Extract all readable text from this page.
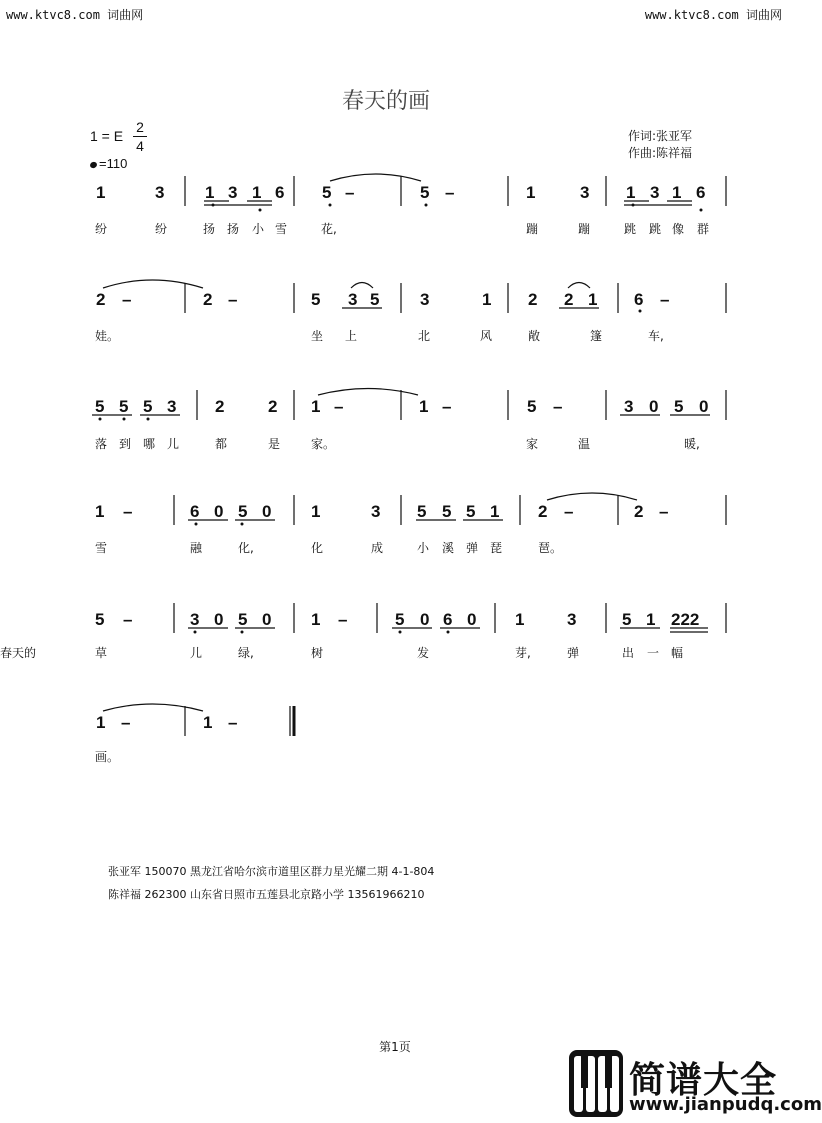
www.ktvc8.com 词曲网	www.ktvc8.com 词曲网
春天的画
1 = E $\frac{2}{4}$
=110
作词:张亚军
作曲:陈祥福
1	3 1 3 1 6 5 –	5 –	1	3 1 3 1 6
纷	纷	扬 扬 小 雪	花,	蹦	蹦	跳 跳 像 群
2 –	2 –	5 3 5 3	1 2 2 1 6 –
娃。	坐 上	北	风	敞	篷	车,
5 5 5 3 2	2 1 –	1 –	5 –	3 0 5 0
落 到 哪 儿	都	是	家。	家	温	暖,
1 –	6 0 5 0 1	3 5 5 5 1 2 –	2 –
雪	融	化,	化	成	小 溪 弹 琵	琶。
5 –	3 0 5 0 1 –	5 0 6 0 1	3	5 1 222
草	儿	绿,	树	发	芽,	弹	出 一 幅
春天的
1 –	1 –
画。
张亚军 150070 黑龙江省哈尔滨市道里区群力星光耀二期 4-1-804
陈祥福 262300 山东省日照市五莲县北京路小学 13561966210
第1页
简谱大全
www.jianpudq.com
